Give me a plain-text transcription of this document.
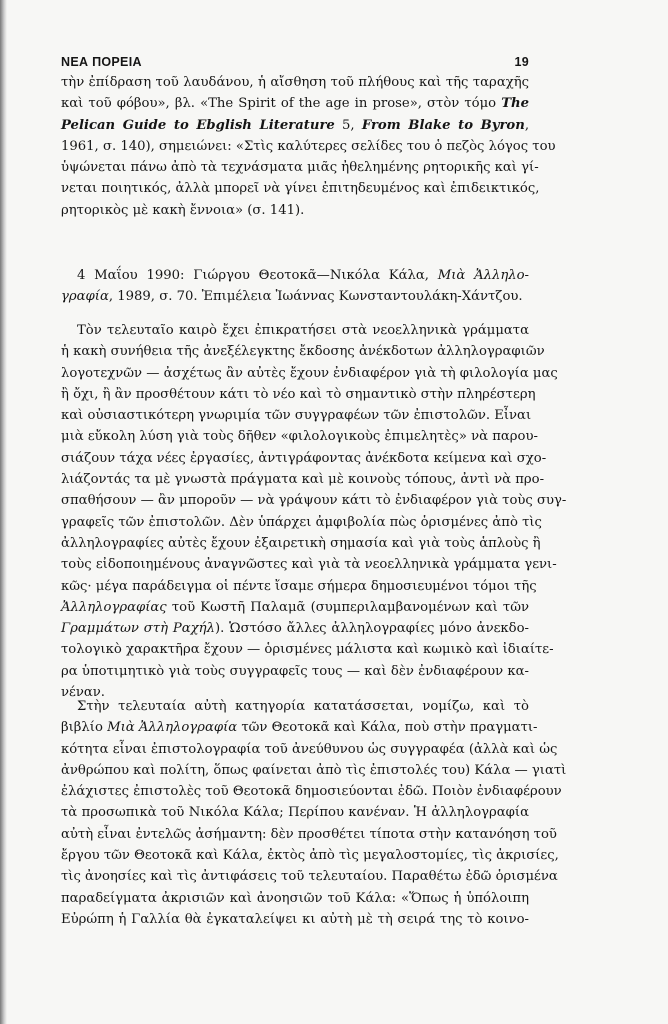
ΝΕΑ ΠΟΡΕΙΑ	19
τὴν ἐπίδραση τοῦ λαυδάνου, ἡ αἴσθηση τοῦ πλήθους καὶ τῆς ταραχῆς
καὶ τοῦ φόβου», βλ. «The Spirit of the age in prose», στὸν τόμο The
Pelican Guide to Ebglish Literature 5, From Blake to Byron,
1961, σ. 140), σημειώνει: «Στὶς καλύτερες σελίδες του ὁ πεζὸς λόγος του
ὑψώνεται πάνω ἀπὸ τὰ τεχνάσματα μιᾶς ἠθελημένης ρητορικῆς καὶ γί-
νεται ποιητικός, ἀλλὰ μπορεῖ νὰ γίνει ἐπιτηδευμένος καὶ ἐπιδεικτικός,
ρητορικὸς μὲ κακὴ ἔννοια» (σ. 141).
4 Μαΐου 1990: Γιώργου Θεοτοκᾶ—Νικόλα Κάλα, Μιὰ Ἀλληλο-
γραφία, 1989, σ. 70. Ἐπιμέλεια Ἰωάννας Κωνσταντουλάκη-Χάντζου.
Τὸν τελευταῖο καιρὸ ἔχει ἐπικρατήσει στὰ νεοελληνικὰ γράμματα
ἡ κακὴ συνήθεια τῆς ἀνεξέλεγκτης ἔκδοσης ἀνέκδοτων ἀλληλογραφιῶν
λογοτεχνῶν — ἀσχέτως ἂν αὐτὲς ἔχουν ἐνδιαφέρον γιὰ τὴ φιλολογία μας
ἢ ὄχι, ἢ ἂν προσθέτουν κάτι τὸ νέο καὶ τὸ σημαντικὸ στὴν πληρέστερη
καὶ οὐσιαστικότερη γνωριμία τῶν συγγραφέων τῶν ἐπιστολῶν. Εἶναι
μιὰ εὔκολη λύση γιὰ τοὺς δῆθεν «φιλολογικοὺς ἐπιμελητὲς» νὰ παρου-
σιάζουν τάχα νέες ἐργασίες, ἀντιγράφοντας ἀνέκδοτα κείμενα καὶ σχο-
λιάζοντάς τα μὲ γνωστὰ πράγματα καὶ μὲ κοινοὺς τόπους, ἀντὶ νὰ προ-
σπαθήσουν — ἂν μποροῦν — νὰ γράψουν κάτι τὸ ἐνδιαφέρον γιὰ τοὺς συγ-
γραφεῖς τῶν ἐπιστολῶν. Δὲν ὑπάρχει ἀμφιβολία πὼς ὁρισμένες ἀπὸ τὶς
ἀλληλογραφίες αὐτὲς ἔχουν ἐξαιρετικὴ σημασία καὶ γιὰ τοὺς ἁπλοὺς ἢ
τοὺς εἰδοποιημένους ἀναγνῶστες καὶ γιὰ τὰ νεοελληνικὰ γράμματα γενι-
κῶς· μέγα παράδειγμα οἱ πέντε ἴσαμε σήμερα δημοσιευμένοι τόμοι τῆς
Ἀλληλογραφίας τοῦ Κωστῆ Παλαμᾶ (συμπεριλαμβανομένων καὶ τῶν
Γραμμάτων στὴ Ραχήλ). Ὡστόσο ἄλλες ἀλληλογραφίες μόνο ἀνεκδο-
τολογικὸ χαρακτῆρα ἔχουν — ὁρισμένες μάλιστα καὶ κωμικὸ καὶ ἰδιαίτε-
ρα ὑποτιμητικὸ γιὰ τοὺς συγγραφεῖς τους — καὶ δὲν ἐνδιαφέρουν κα-
νέναν.
Στὴν τελευταία αὐτὴ κατηγορία κατατάσσεται, νομίζω, καὶ τὸ
βιβλίο Μιὰ Ἀλληλογραφία τῶν Θεοτοκᾶ καὶ Κάλα, ποὺ στὴν πραγματι-
κότητα εἶναι ἐπιστολογραφία τοῦ ἀνεύθυνου ὡς συγγραφέα (ἀλλὰ καὶ ὡς
ἀνθρώπου καὶ πολίτη, ὅπως φαίνεται ἀπὸ τὶς ἐπιστολές του) Κάλα — γιατὶ
ἐλάχιστες ἐπιστολὲς τοῦ Θεοτοκᾶ δημοσιεύονται ἐδῶ. Ποιὸν ἐνδιαφέρουν
τὰ προσωπικὰ τοῦ Νικόλα Κάλα; Περίπου κανέναν. Ἡ ἀλληλογραφία
αὐτὴ εἶναι ἐντελῶς ἀσήμαντη: δὲν προσθέτει τίποτα στὴν κατανόηση τοῦ
ἔργου τῶν Θεοτοκᾶ καὶ Κάλα, ἐκτὸς ἀπὸ τὶς μεγαλοστομίες, τὶς ἀκρισίες,
τὶς ἀνοησίες καὶ τὶς ἀντιφάσεις τοῦ τελευταίου. Παραθέτω ἐδῶ ὁρισμένα
παραδείγματα ἀκρισιῶν καὶ ἀνοησιῶν τοῦ Κάλα: «Ὅπως ἡ ὑπόλοιπη
Εὐρώπη ἡ Γαλλία θὰ ἐγκαταλείψει κι αὐτὴ μὲ τὴ σειρά της τὸ κοινο-
